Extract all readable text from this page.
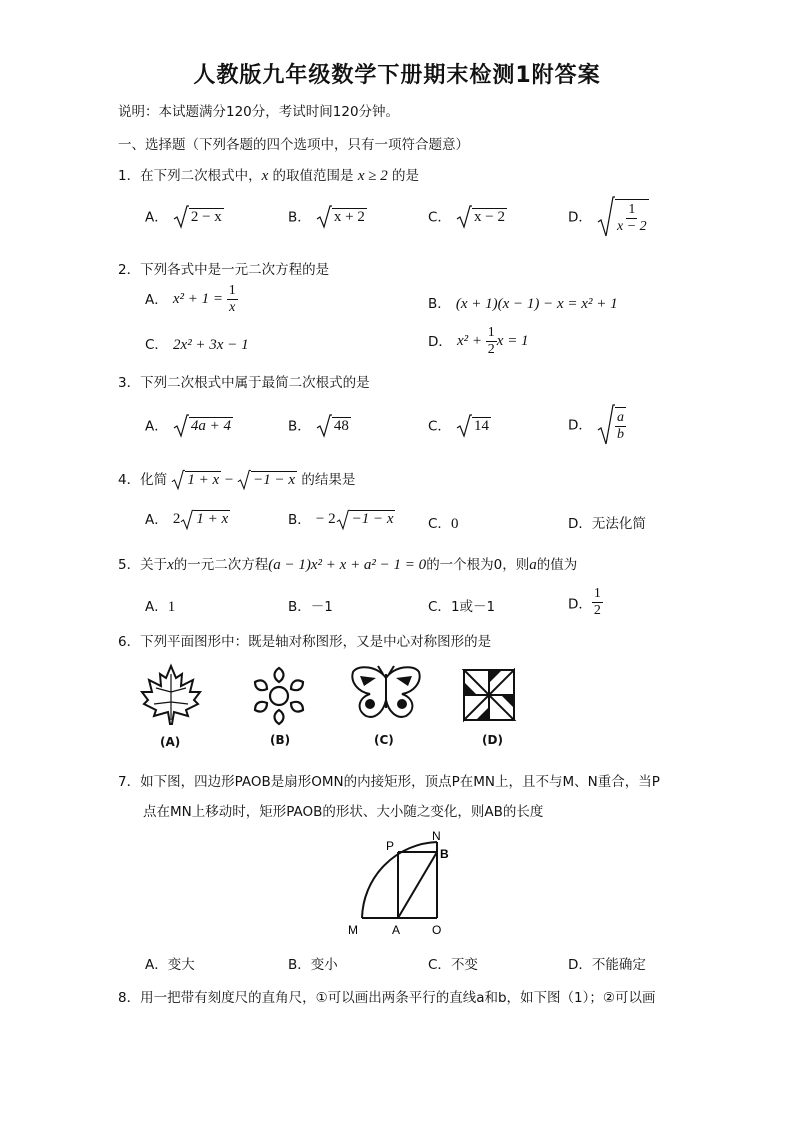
人教版九年级数学下册期末检测1附答案
说明：本试题满分120分，考试时间120分钟。
一、选择题（下列各题的四个选项中，只有一项符合题意）
1．在下列二次根式中，x 的取值范围是 x ≥ 2 的是
A． 2 − x	B． x + 2	C． x − 2	D． $\frac{1}{x - 2}$
2．下列各式中是一元二次方程的是
A． $x^2 + 1 = \frac{1}{x}$	B． (x + 1)(x − 1) − x = x² + 1
C． 2x² + 3x − 1	D． $x^2 + \frac{1}{2}$ x = 1
3．下列二次根式中属于最简二次根式的是
A． 4a + 4	B． 48	C． 14	D． $\frac{a}{b}$
4．化简 1 + x − −1 − x 的结果是
A． 2 1 + x	B． − 2 −1 − x	C．0	D．无法化简
5．关于x的一元二次方程(a − 1)x² + x + a² − 1 = 0的一个根为0，则a的值为
A．1	B．－1	C．1或－1	D． $\frac{1}{2}$
6．下列平面图形中：既是轴对称图形，又是中心对称图形的是
(A)	(B)	(C)	(D)
7．如下图，四边形PAOB是扇形OMN的内接矩形，顶点P在MN上，且不与M、N重合，当P
点在MN上移动时，矩形PAOB的形状、大小随之变化，则AB的长度
P
N
B
M	A	O
A．变大	B．变小	C．不变	D．不能确定
8．用一把带有刻度尺的直角尺，①可以画出两条平行的直线a和b，如下图（1）；②可以画
